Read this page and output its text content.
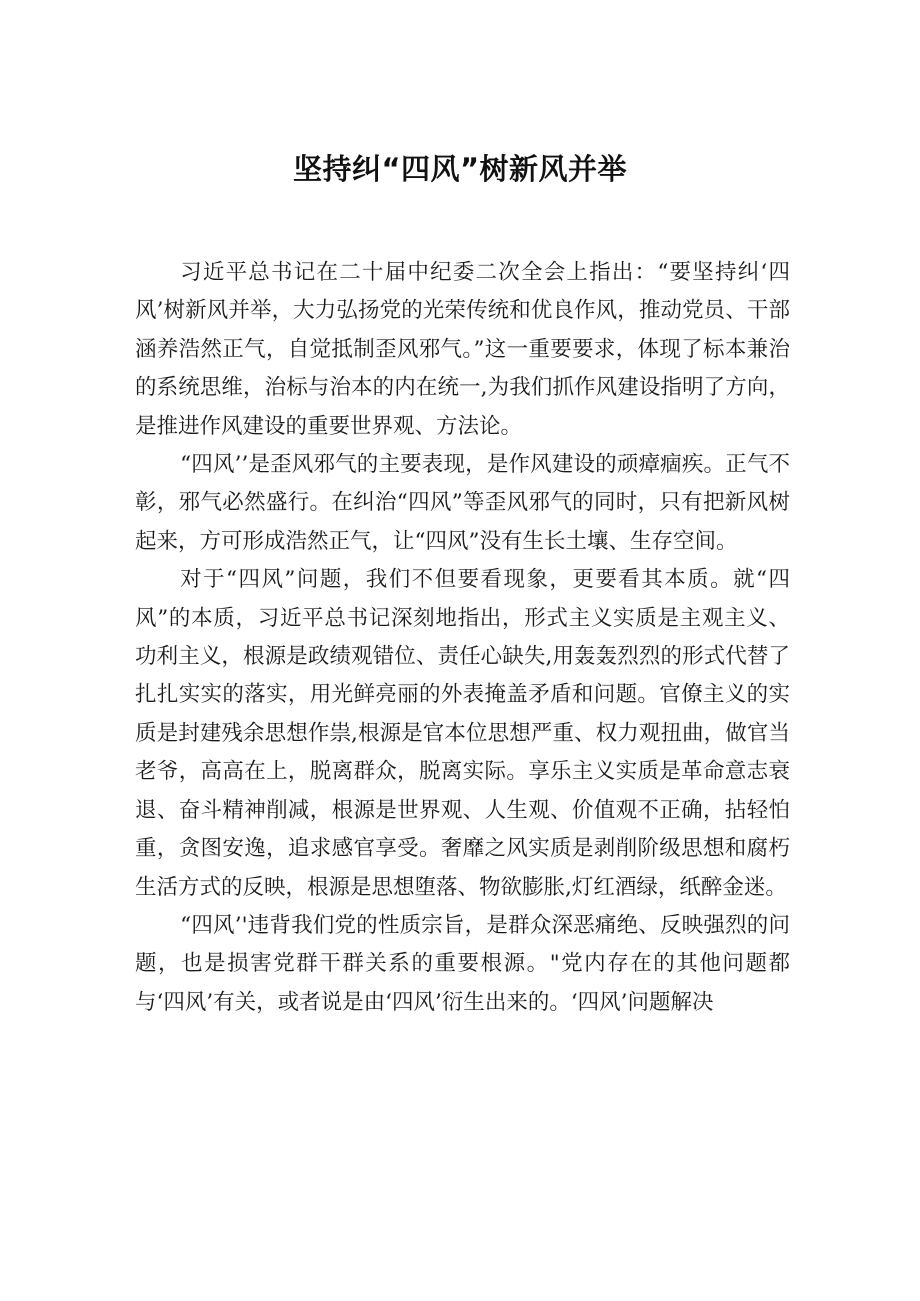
坚持纠“四风”树新风并举

习近平总书记在二十届中纪委二次全会上指出：“要坚持纠‘四风’树新风并举，大力弘扬党的光荣传统和优良作风，推动党员、干部涵养浩然正气，自觉抵制歪风邪气。”这一重要要求，体现了标本兼治的系统思维，治标与治本的内在统一,为我们抓作风建设指明了方向，是推进作风建设的重要世界观、方法论。

“四风’’是歪风邪气的主要表现，是作风建设的顽瘴痼疾。正气不彰，邪气必然盛行。在纠治“四风”等歪风邪气的同时，只有把新风树起来，方可形成浩然正气，让“四风”没有生长土壤、生存空间。

对于“四风”问题，我们不但要看现象，更要看其本质。就“四风”的本质，习近平总书记深刻地指出，形式主义实质是主观主义、功利主义，根源是政绩观错位、责任心缺失,用轰轰烈烈的形式代替了扎扎实实的落实，用光鲜亮丽的外表掩盖矛盾和问题。官僚主义的实质是封建残余思想作祟,根源是官本位思想严重、权力观扭曲，做官当老爷，高高在上，脱离群众，脱离实际。享乐主义实质是革命意志衰退、奋斗精神削减，根源是世界观、人生观、价值观不正确，拈轻怕重，贪图安逸，追求感官享受。奢靡之风实质是剥削阶级思想和腐朽生活方式的反映，根源是思想堕落、物欲膨胀,灯红酒绿，纸醉金迷。

“四风’'违背我们党的性质宗旨，是群众深恶痛绝、反映强烈的问题，也是损害党群干群关系的重要根源。"党内存在的其他问题都与‘四风’有关，或者说是由‘四风’衍生出来的。‘四风’问题解决
